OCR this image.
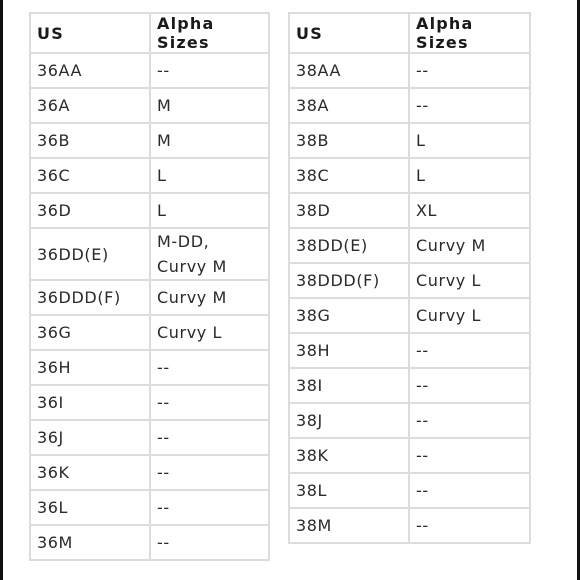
US	Alpha Sizes
36AA	--
36A	M
36B	M
36C	L
36D	L
36DD(E)	M-DD, Curvy M
36DDD(F)	Curvy M
36G	Curvy L
36H	--
36I	--
36J	--
36K	--
36L	--
36M	--
US	Alpha Sizes
38AA	--
38A	--
38B	L
38C	L
38D	XL
38DD(E)	Curvy M
38DDD(F)	Curvy L
38G	Curvy L
38H	--
38I	--
38J	--
38K	--
38L	--
38M	--
